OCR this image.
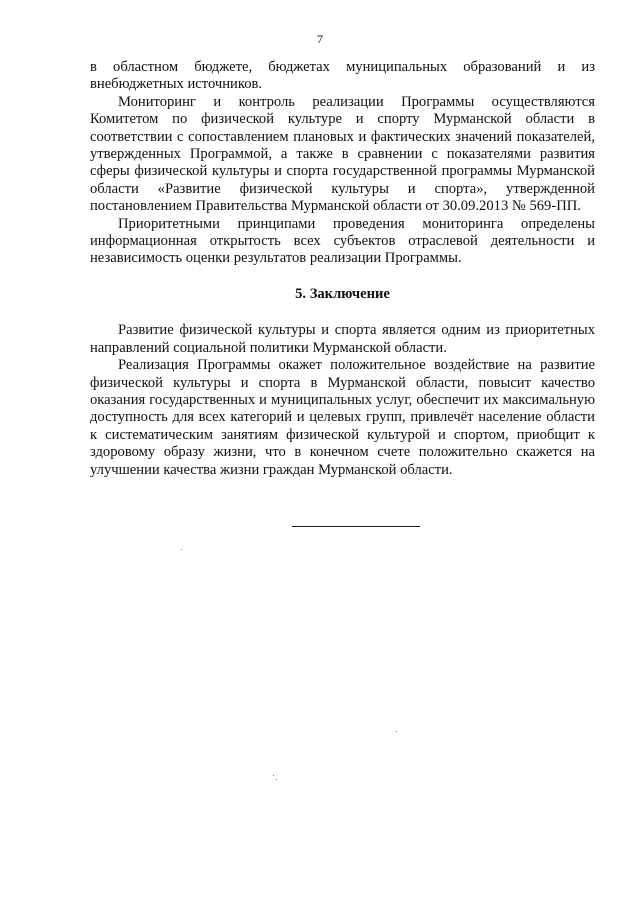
7

в областном бюджете, бюджетах муниципальных образований и из внебюджетных источников.

Мониторинг и контроль реализации Программы осуществляются Комитетом по физической культуре и спорту Мурманской области в соответствии с сопоставлением плановых и фактических значений показателей, утвержденных Программой, а также в сравнении с показателями развития сферы физической культуры и спорта государственной программы Мурманской области «Развитие физической культуры и спорта», утвержденной постановлением Правительства Мурманской области от 30.09.2013 № 569-ПП.

Приоритетными принципами проведения мониторинга определены информационная открытость всех субъектов отраслевой деятельности и независимость оценки результатов реализации Программы.

5. Заключение

Развитие физической культуры и спорта является одним из приоритетных направлений социальной политики Мурманской области.

Реализация Программы окажет положительное воздействие на развитие физической культуры и спорта в Мурманской области, повысит качество оказания государственных и муниципальных услуг, обеспечит их максимальную доступность для всех категорий и целевых групп, привлечёт население области к систематическим занятиям физической культурой и спортом, приобщит к здоровому образу жизни, что в конечном счете положительно скажется на улучшении качества жизни граждан Мурманской области.
